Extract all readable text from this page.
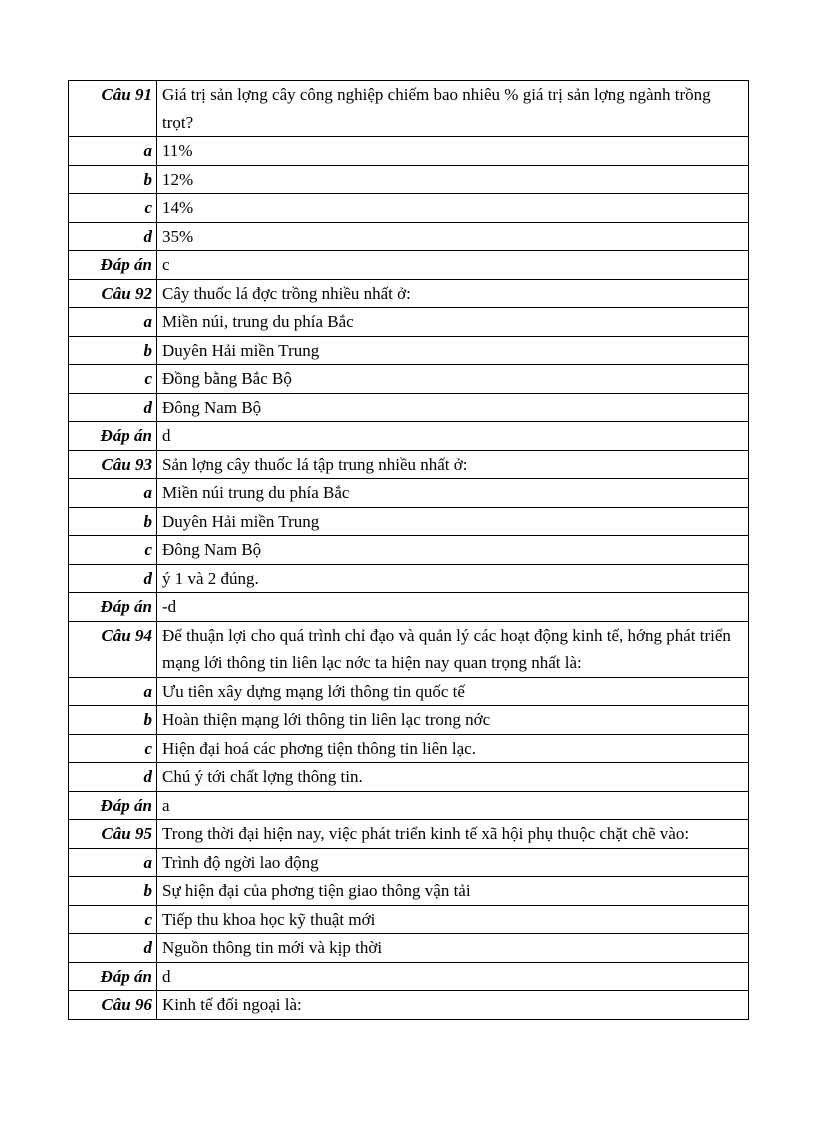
Câu 91	Giá trị sản lợng cây công nghiệp chiếm bao nhiêu % giá trị sản lợng ngành trồng trọt?
a	11%
b	12%
c	14%
d	35%
Đáp án	c
Câu 92	Cây thuốc lá đợc trồng nhiều nhất ở:
a	Miền núi, trung du phía Bắc
b	Duyên Hải miền Trung
c	Đồng bằng Bắc Bộ
d	Đông Nam Bộ
Đáp án	d
Câu 93	Sản lợng cây thuốc lá tập trung nhiều nhất ở:
a	Miền núi trung du phía Bắc
b	Duyên Hải miền Trung
c	Đông Nam Bộ
d	ý 1 và 2 đúng.
Đáp án	-d
Câu 94	Để thuận lợi cho quá trình chỉ đạo và quản lý các hoạt động kinh tế, hớng phát triển mạng lới thông tin liên lạc nớc ta hiện nay quan trọng nhất là:
a	Ưu tiên xây dựng mạng lới thông tin quốc tế
b	Hoàn thiện mạng lới thông tin liên lạc trong nớc
c	Hiện đại hoá các phơng tiện thông tin liên lạc.
d	Chú ý tới chất lợng thông tin.
Đáp án	a
Câu 95	Trong thời đại hiện nay, việc phát triển kinh tế xã hội phụ thuộc chặt chẽ vào:
a	Trình độ ngời lao động
b	Sự hiện đại của phơng tiện giao thông vận tải
c	Tiếp thu khoa học kỹ thuật mới
d	Nguồn thông tin mới và kịp thời
Đáp án	d
Câu 96	Kinh tế đối ngoại là:
